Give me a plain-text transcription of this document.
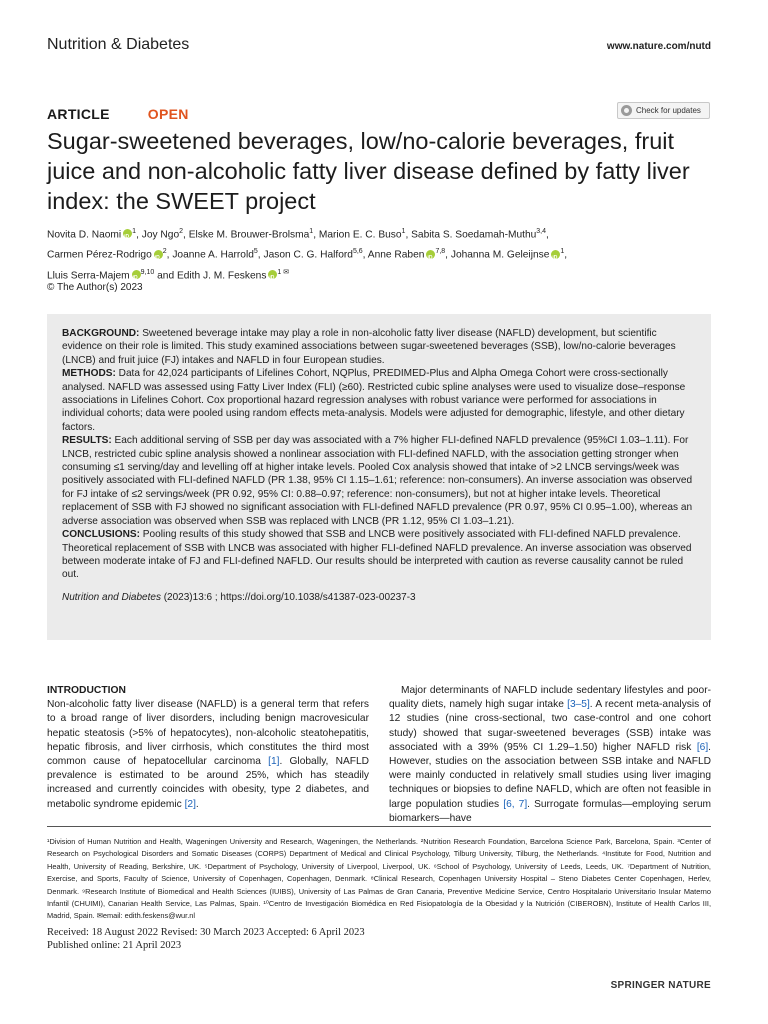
Nutrition & Diabetes	www.nature.com/nutd
ARTICLE	OPEN	Check for updates
Sugar-sweetened beverages, low/no-calorie beverages, fruit juice and non-alcoholic fatty liver disease defined by fatty liver index: the SWEET project
Novita D. Naomi iD $^1$, Joy Ngo$^2$, Elske M. Brouwer-Brolsma$^1$, Marion E. C. Buso$^1$, Sabita S. Soedamah-Muthu$^{3,4}$,
Carmen Pérez-Rodrigo iD $^2$, Joanne A. Harrold$^5$, Jason C. G. Halford$^{5,6}$, Anne Raben iD $^{7,8}$, Johanna M. Geleijnse iD $^1$,
Lluis Serra-Majem iD $^{9,10}$ and Edith J. M. Feskens iD $^{1 ✉}$
© The Author(s) 2023

BACKGROUND: Sweetened beverage intake may play a role in non-alcoholic fatty liver disease (NAFLD) development, but scientific evidence on their role is limited. This study examined associations between sugar-sweetened beverages (SSB), low/no-calorie beverages (LNCB) and fruit juice (FJ) intakes and NAFLD in four European studies.

METHODS: Data for 42,024 participants of Lifelines Cohort, NQPlus, PREDIMED-Plus and Alpha Omega Cohort were cross-sectionally analysed. NAFLD was assessed using Fatty Liver Index (FLI) (≥60). Restricted cubic spline analyses were used to visualize dose–response associations in Lifelines Cohort. Cox proportional hazard regression analyses with robust variance were performed for associations in individual cohorts; data were pooled using random effects meta-analysis. Models were adjusted for demographic, lifestyle, and other dietary factors.

RESULTS: Each additional serving of SSB per day was associated with a 7% higher FLI-defined NAFLD prevalence (95%CI 1.03–1.11). For LNCB, restricted cubic spline analysis showed a nonlinear association with FLI-defined NAFLD, with the association getting stronger when consuming ≤1 serving/day and levelling off at higher intake levels. Pooled Cox analysis showed that intake of >2 LNCB servings/week was positively associated with FLI-defined NAFLD (PR 1.38, 95% CI 1.15–1.61; reference: non-consumers). An inverse association was observed for FJ intake of ≤2 servings/week (PR 0.92, 95% CI: 0.88–0.97; reference: non-consumers), but not at higher intake levels. Theoretical replacement of SSB with FJ showed no significant association with FLI-defined NAFLD prevalence (PR 0.97, 95% CI 0.95–1.00), whereas an adverse association was observed when SSB was replaced with LNCB (PR 1.12, 95% CI 1.03–1.21).

CONCLUSIONS: Pooling results of this study showed that SSB and LNCB were positively associated with FLI-defined NAFLD prevalence. Theoretical replacement of SSB with LNCB was associated with higher FLI-defined NAFLD prevalence. An inverse association was observed between moderate intake of FJ and FLI-defined NAFLD. Our results should be interpreted with caution as reverse causality cannot be ruled out.

Nutrition and Diabetes (2023)13:6 ; https://doi.org/10.1038/s41387-023-00237-3

INTRODUCTION

Non-alcoholic fatty liver disease (NAFLD) is a general term that refers to a broad range of liver disorders, including benign macrovesicular hepatic steatosis (>5% of hepatocytes), non-alcoholic steatohepatitis, hepatic fibrosis, and liver cirrhosis, which constitutes the third most common cause of hepatocellular carcinoma [1]. Globally, NAFLD prevalence is estimated to be around 25%, which has steadily increased and currently coincides with obesity, type 2 diabetes, and metabolic syndrome epidemic [2].

Major determinants of NAFLD include sedentary lifestyles and poor-quality diets, namely high sugar intake [3–5]. A recent meta-analysis of 12 studies (nine cross-sectional, two case-control and one cohort study) showed that sugar-sweetened beverages (SSB) intake was associated with a 39% (95% CI 1.29–1.50) higher NAFLD risk [6]. However, studies on the association between SSB intake and NAFLD were mainly conducted in relatively small studies using liver imaging techniques or biopsies to define NAFLD, which are often not feasible in large population studies [6, 7]. Surrogate formulas—employing serum biomarkers—have

¹Division of Human Nutrition and Health, Wageningen University and Research, Wageningen, the Netherlands. ²Nutrition Research Foundation, Barcelona Science Park, Barcelona, Spain. ³Center of Research on Psychological Disorders and Somatic Diseases (CORPS) Department of Medical and Clinical Psychology, Tilburg University, Tilburg, the Netherlands. ⁴Institute for Food, Nutrition and Health, University of Reading, Berkshire, UK. ⁵Department of Psychology, University of Liverpool, Liverpool, UK. ⁶School of Psychology, University of Leeds, Leeds, UK. ⁷Department of Nutrition, Exercise, and Sports, Faculty of Science, University of Copenhagen, Copenhagen, Denmark. ⁸Clinical Research, Copenhagen University Hospital – Steno Diabetes Center Copenhagen, Herlev, Denmark. ⁹Research Institute of Biomedical and Health Sciences (IUIBS), University of Las Palmas de Gran Canaria, Preventive Medicine Service, Centro Hospitalario Universitario Insular Materno Infantil (CHUIMI), Canarian Health Service, Las Palmas, Spain. ¹⁰Centro de Investigación Biomédica en Red Fisiopatología de la Obesidad y la Nutrición (CIBEROBN), Institute of Health Carlos III, Madrid, Spain. ✉email: edith.feskens@wur.nl
Received: 18 August 2022 Revised: 30 March 2023 Accepted: 6 April 2023
Published online: 21 April 2023
SPRINGER NATURE
